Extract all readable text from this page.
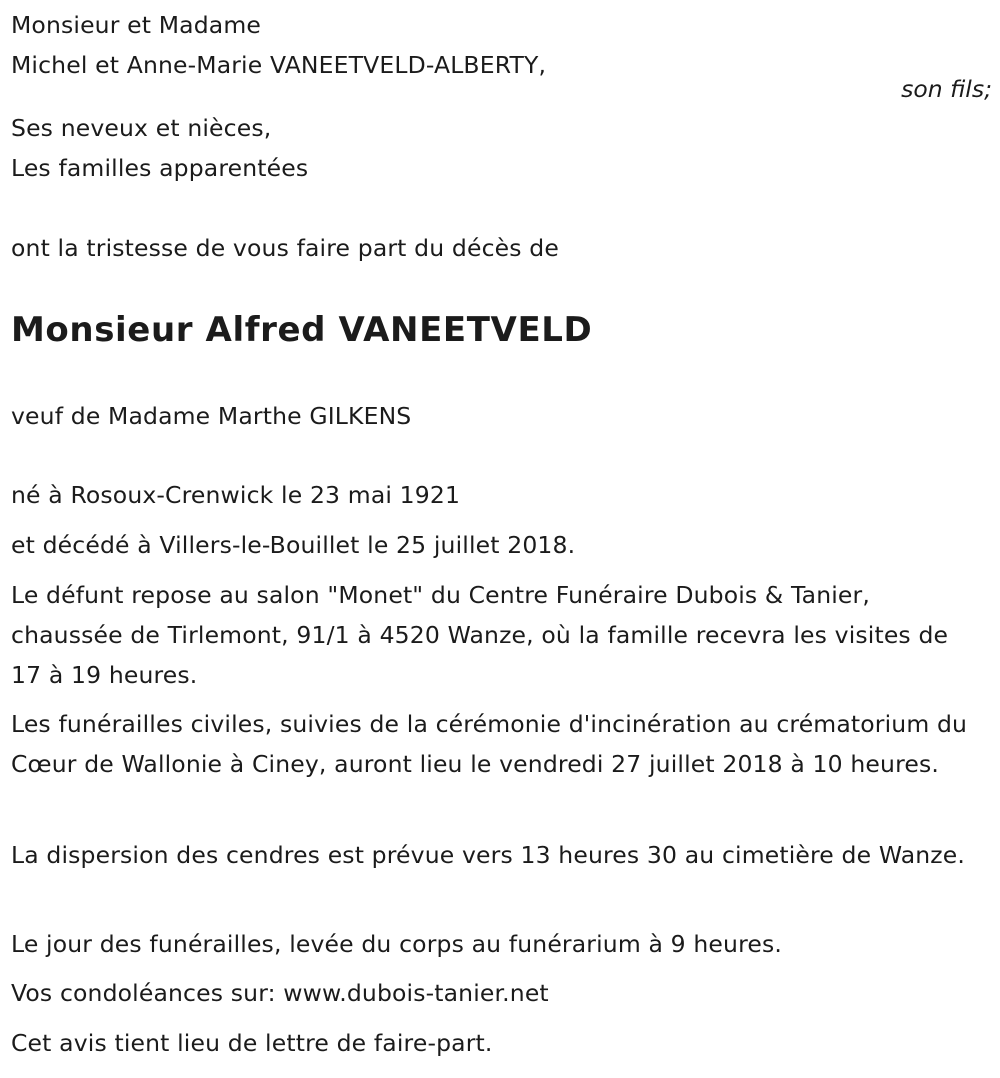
Monsieur et Madame
Michel et Anne-Marie VANEETVELD-ALBERTY,
Ses neveux et nièces,
Les familles apparentées
ont la tristesse de vous faire part du décès de
Monsieur Alfred VANEETVELD
veuf de Madame Marthe GILKENS
né à Rosoux-Crenwick le 23 mai 1921
et décédé à Villers-le-Bouillet le 25 juillet 2018.
Le défunt repose au salon "Monet" du Centre Funéraire Dubois & Tanier, chaussée de Tirlemont, 91/1 à 4520 Wanze, où la famille recevra les visites de 17 à 19 heures.
Les funérailles civiles, suivies de la cérémonie d'incinération au crématorium du Cœur de Wallonie à Ciney, auront lieu le vendredi 27 juillet 2018 à 10 heures.
La dispersion des cendres est prévue vers 13 heures 30 au cimetière de Wanze.
Le jour des funérailles, levée du corps au funérarium à 9 heures.
Vos condoléances sur: www.dubois-tanier.net
Cet avis tient lieu de lettre de faire-part.
son fils;
